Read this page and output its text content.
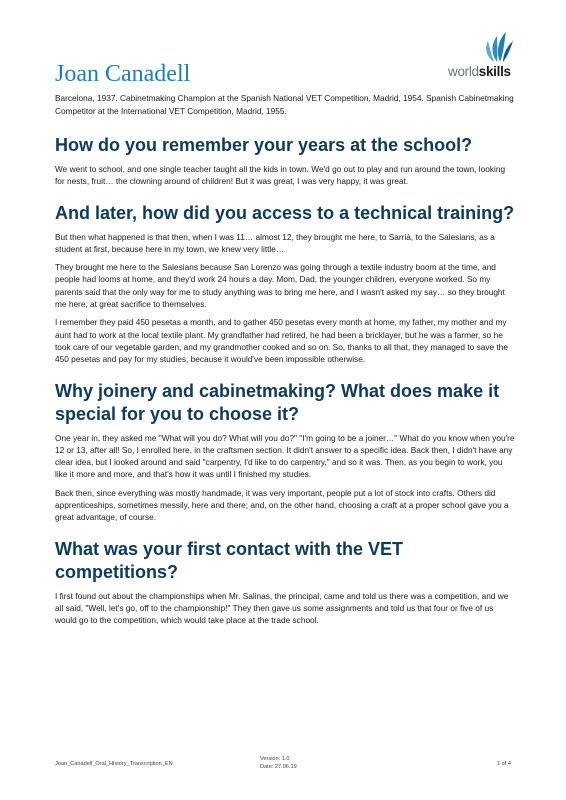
worldskills
Joan Canadell

Barcelona, 1937. Cabinetmaking Champion at the Spanish National VET Competition, Madrid, 1954. Spanish Cabinetmaking Competitor at the International VET Competition, Madrid, 1955.

How do you remember your years at the school?

We went to school, and one single teacher taught all the kids in town. We'd go out to play and run around the town, looking for nests, fruit… the clowning around of children! But it was great, I was very happy, it was great.

And later, how did you access to a technical training?

But then what happened is that then, when I was 11… almost 12, they brought me here, to Sarrià, to the Salesians, as a student at first, because here in my town, we knew very little…

They brought me here to the Salesians because San Lorenzo was going through a textile industry boom at the time, and people had looms at home, and they'd work 24 hours a day. Mom, Dad, the younger children, everyone worked. So my parents said that the only way for me to study anything was to bring me here, and I wasn't asked my say… so they brought me here, at great sacrifice to themselves.

I remember they paid 450 pesetas a month, and to gather 450 pesetas every month at home, my father, my mother and my aunt had to work at the local textile plant. My grandfather had retired, he had been a bricklayer, but he was a farmer, so he took care of our vegetable garden, and my grandmother cooked and so on. So, thanks to all that, they managed to save the 450 pesetas and pay for my studies, because it would've been impossible otherwise.

Why joinery and cabinetmaking? What does make it special for you to choose it?

One year in, they asked me "What will you do? What will you do?" "I'm going to be a joiner…" What do you know when you're 12 or 13, after all! So, I enrolled here, in the craftsmen section. It didn't answer to a specific idea. Back then, I didn't have any clear idea, but I looked around and said "carpentry, I'd like to do carpentry," and so it was. Then, as you begin to work, you like it more and more, and that's how it was until I finished my studies.

Back then, since everything was mostly handmade, it was very important, people put a lot of stock into crafts. Others did apprenticeships, sometimes messily, here and there; and, on the other hand, choosing a craft at a proper school gave you a great advantage, of course.

What was your first contact with the VET competitions?

I first found out about the championships when Mr. Salinas, the principal, came and told us there was a competition, and we all said, "Well, let's go, off to the championship!" They then gave us some assignments and told us that four or five of us would go to the competition, which would take place at the trade school.

Joan_Canadell_Oral_History_Transcription_EN
Versión: 1.0
Date: 27.06.19	1 of 4
